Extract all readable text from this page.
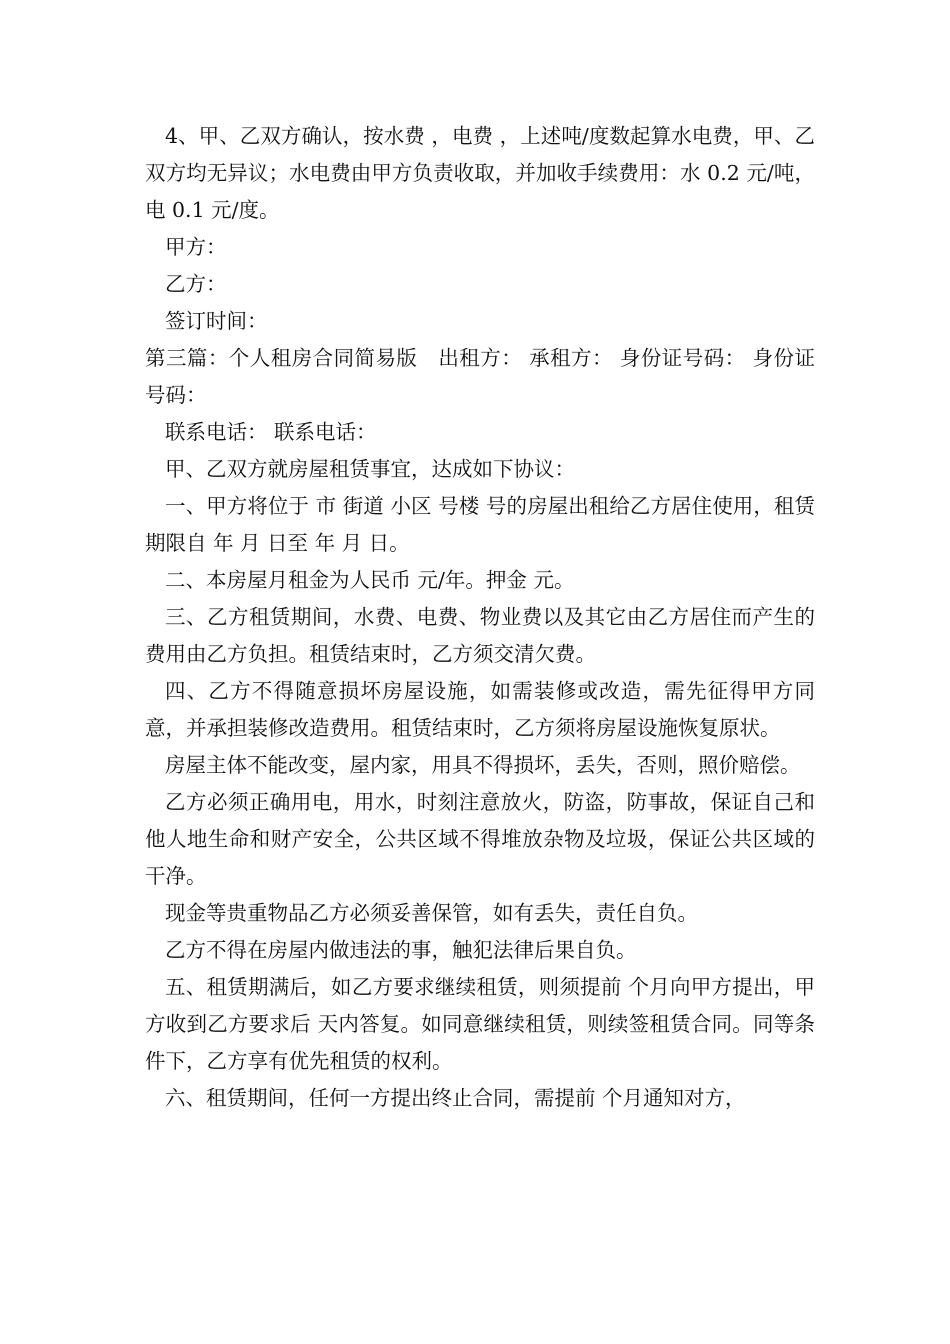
4、甲、乙双方确认，按水费 ，电费 ，上述吨/度数起算水电费，甲、乙双方均无异议；水电费由甲方负责收取，并加收手续费用：水 0.2 元/吨，电 0.1 元/度。

甲方：

乙方：

签订时间：

第三篇：个人租房合同简易版　出租方： 承租方： 身份证号码： 身份证号码：

联系电话： 联系电话：

甲、乙双方就房屋租赁事宜，达成如下协议：

一、甲方将位于 市 街道 小区 号楼 号的房屋出租给乙方居住使用，租赁期限自 年 月 日至 年 月 日。

二、本房屋月租金为人民币 元/年。押金 元。

三、乙方租赁期间，水费、电费、物业费以及其它由乙方居住而产生的费用由乙方负担。租赁结束时，乙方须交清欠费。

四、乙方不得随意损坏房屋设施，如需装修或改造，需先征得甲方同意，并承担装修改造费用。租赁结束时，乙方须将房屋设施恢复原状。

房屋主体不能改变，屋内家，用具不得损坏，丢失，否则，照价赔偿。

乙方必须正确用电，用水，时刻注意放火，防盗，防事故，保证自己和他人地生命和财产安全，公共区域不得堆放杂物及垃圾，保证公共区域的干净。

现金等贵重物品乙方必须妥善保管，如有丢失，责任自负。

乙方不得在房屋内做违法的事，触犯法律后果自负。

五、租赁期满后，如乙方要求继续租赁，则须提前 个月向甲方提出，甲方收到乙方要求后 天内答复。如同意继续租赁，则续签租赁合同。同等条件下，乙方享有优先租赁的权利。

六、租赁期间，任何一方提出终止合同，需提前 个月通知对方，
